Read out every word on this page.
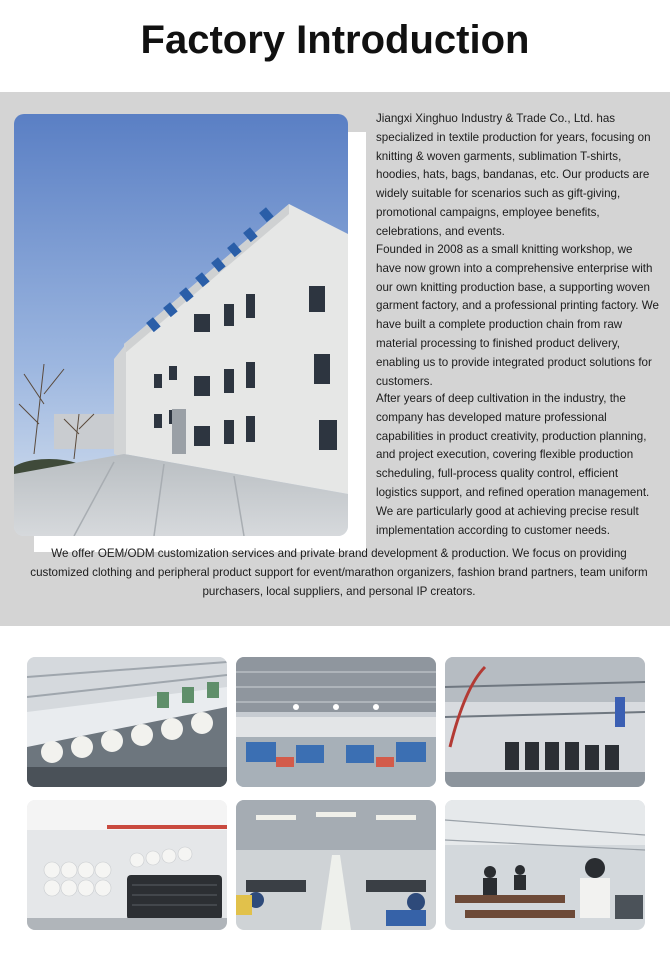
Factory Introduction

Jiangxi Xinghuo Industry & Trade Co., Ltd. has specialized in textile production for years, focusing on knitting & woven garments, sublimation T-shirts, hoodies, hats, bags, bandanas, etc. Our products are widely suitable for scenarios such as gift-giving, promotional campaigns, employee benefits, celebrations, and events.

Founded in 2008 as a small knitting workshop, we have now grown into a comprehensive enterprise with our own knitting production base, a supporting woven garment factory, and a professional printing factory. We have built a complete production chain from raw material processing to finished product delivery, enabling us to provide integrated product solutions for customers.

After years of deep cultivation in the industry, the company has developed mature professional capabilities in product creativity, production planning, and project execution, covering flexible production scheduling, full-process quality control, efficient logistics support, and refined operation management. We are particularly good at achieving precise result implementation according to customer needs.

We offer OEM/ODM customization services and private brand development & production. We focus on providing customized clothing and peripheral product support for event/marathon organizers, fashion brand partners, team uniform purchasers, local suppliers, and personal IP creators.
